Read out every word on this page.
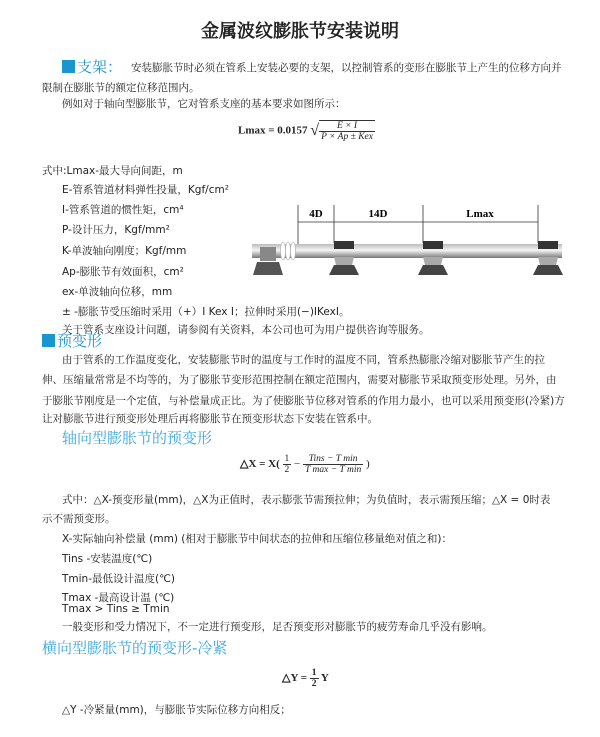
金属波纹膨胀节安装说明
支架： 安装膨胀节时必须在管系上安装必要的支架，以控制管系的变形在膨胀节上产生的位移方向并
限制在膨胀节的额定位移范围内。
例如对于轴向型膨胀节，它对管系支座的基本要求如图所示：
Lmax = 0.0157 √ $\frac{E \times I}{\text{P × Ap ± Kex}}$
式中:Lmax-最大导向间距，m
E-管系管道材料弹性投量，Kgf/cm²
I-管系管道的惯性矩，cm⁴
P-设计压力，Kgf/mm²
K-单波轴向刚度；Kgf/mm
Ap-膨胀节有效面积，cm²
ex-单波轴向位移，mm
± -膨胀节受压缩时采用（+）I Kex I；拉伸时采用(−)IKexI。
关于管系支座设计问题，请参阅有关资料，本公司也可为用户提供咨询等服务。
4D	14D	Lmax
预变形
由于管系的工作温度变化，安装膨胀节时的温度与工作时的温度不同，管系热膨胀冷缩对膨胀节产生的拉
伸、压缩量常常是不均等的，为了膨胀节变形范围控制在额定范围内，需要对膨胀节采取预变形处理。另外，由
于膨胀节刚度是一个定值，与补偿量成正比。为了使膨胀节位移对管系的作用力最小，也可以采用预变形(冷紧)方
让对膨胀节进行预变形处理后再将膨胀节在预变形状态下安装在管系中。
轴向型膨胀节的预变形
△X = $X( \frac{1}{2} - \frac{\text{Tins − T min}}{\text{T max − T min}}$ )
式中：△X-预变形量(mm)，△X为正值时，表示膨张节需预拉伸；为负值时，表示需预压缩；△X = 0时表
示不需预变形。
X-实际轴向补偿量 (mm) (相对于膨胀节中间状态的拉伸和压缩位移量绝对值之和)：
Tins -安装温度(℃)
Tmin-最低设计温度(℃)
Tmax -最高设计温 (℃)
Tmax > Tins ≥ Tmin
一般变形和受力情况下，不一定进行预变形，足否预变形对膨胀节的疲劳寿命几乎没有影响。
横向型膨胀节的预变形-冷紧
△Y = $\frac{1}{2}$ Y
△Y -冷紧量(mm)，与膨胀节实际位移方向相反；
